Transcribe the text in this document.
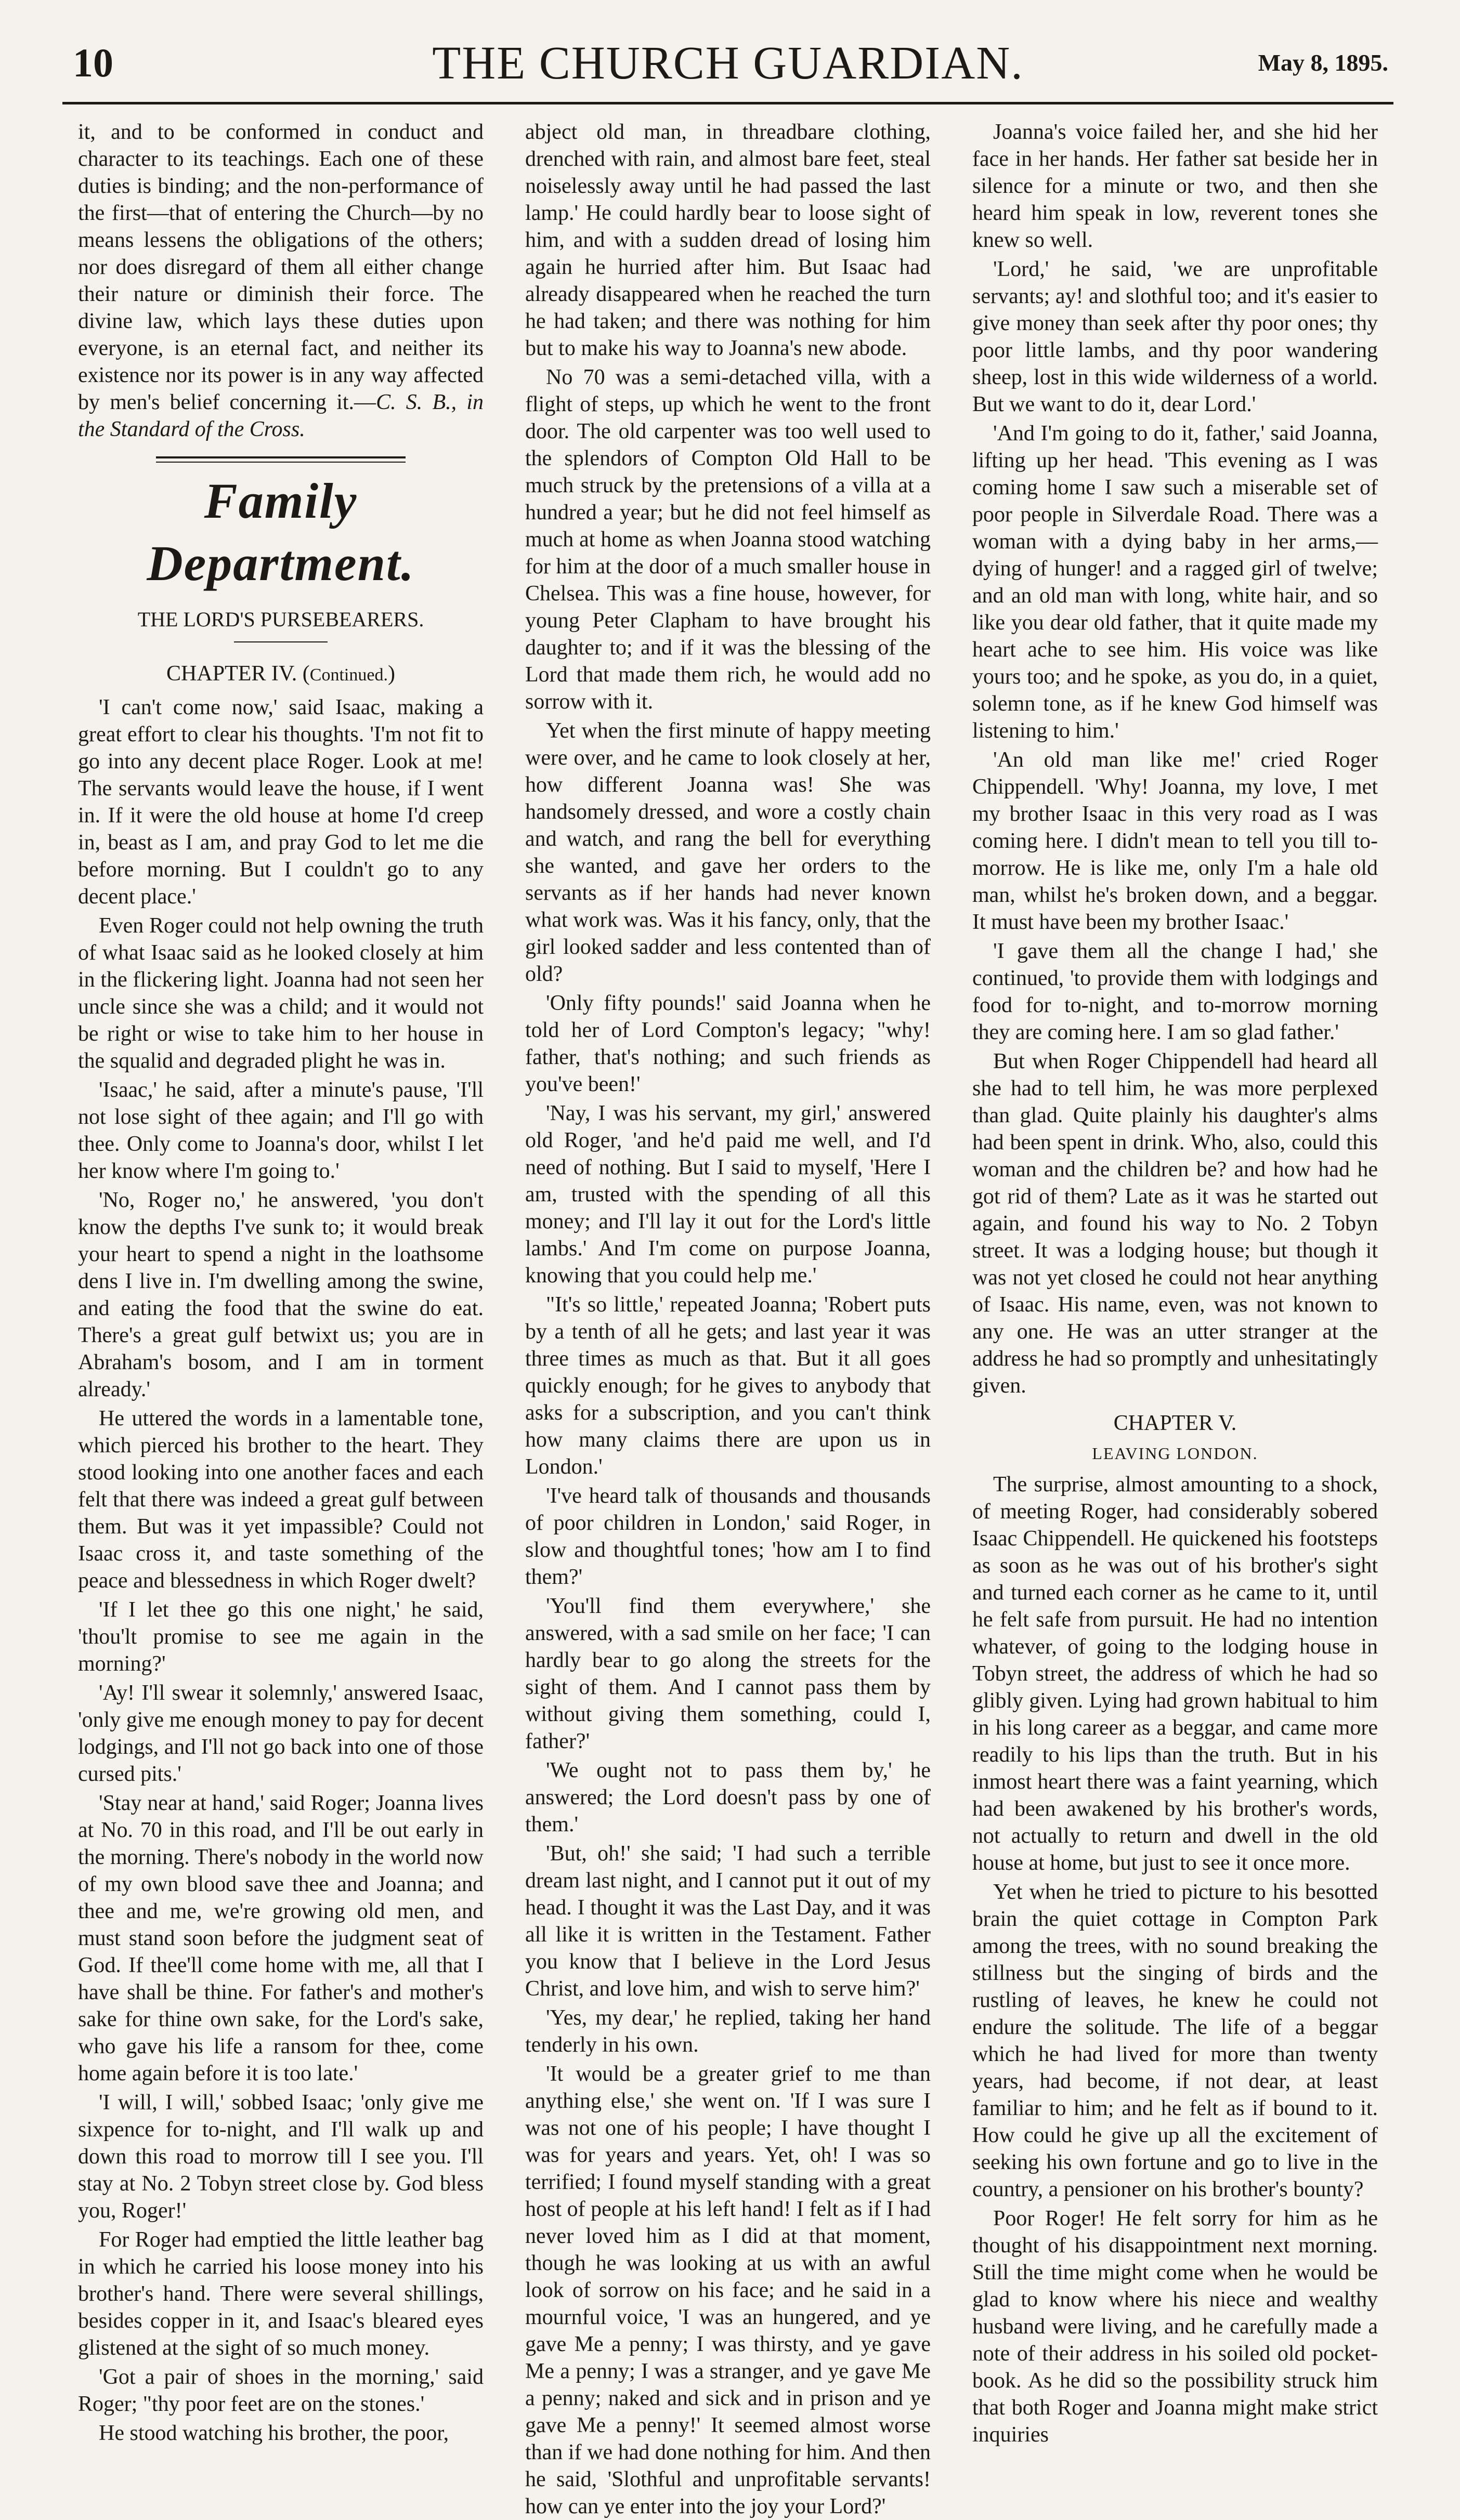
10	THE CHURCH GUARDIAN.	May 8, 1895.

it, and to be conformed in conduct and character to its teachings. Each one of these duties is binding; and the non-performance of the first—that of entering the Church—by no means lessens the obligations of the others; nor does disregard of them all either change their nature or diminish their force. The divine law, which lays these duties upon everyone, is an eternal fact, and neither its existence nor its power is in any way affected by men's belief concerning it.—C. S. B., in the Standard of the Cross.

Family Department.
THE LORD'S PURSEBEARERS.
CHAPTER IV. (Continued.)

'I can't come now,' said Isaac, making a great effort to clear his thoughts. 'I'm not fit to go into any decent place Roger. Look at me! The servants would leave the house, if I went in. If it were the old house at home I'd creep in, beast as I am, and pray God to let me die before morning. But I couldn't go to any decent place.'

Even Roger could not help owning the truth of what Isaac said as he looked closely at him in the flickering light. Joanna had not seen her uncle since she was a child; and it would not be right or wise to take him to her house in the squalid and degraded plight he was in.

'Isaac,' he said, after a minute's pause, 'I'll not lose sight of thee again; and I'll go with thee. Only come to Joanna's door, whilst I let her know where I'm going to.'

'No, Roger no,' he answered, 'you don't know the depths I've sunk to; it would break your heart to spend a night in the loathsome dens I live in. I'm dwelling among the swine, and eating the food that the swine do eat. There's a great gulf betwixt us; you are in Abraham's bosom, and I am in torment already.'

He uttered the words in a lamentable tone, which pierced his brother to the heart. They stood looking into one another faces and each felt that there was indeed a great gulf between them. But was it yet impassible? Could not Isaac cross it, and taste something of the peace and blessedness in which Roger dwelt?

'If I let thee go this one night,' he said, 'thou'lt promise to see me again in the morning?'

'Ay! I'll swear it solemnly,' answered Isaac, 'only give me enough money to pay for decent lodgings, and I'll not go back into one of those cursed pits.'

'Stay near at hand,' said Roger; Joanna lives at No. 70 in this road, and I'll be out early in the morning. There's nobody in the world now of my own blood save thee and Joanna; and thee and me, we're growing old men, and must stand soon before the judgment seat of God. If thee'll come home with me, all that I have shall be thine. For father's and mother's sake for thine own sake, for the Lord's sake, who gave his life a ransom for thee, come home again before it is too late.'

'I will, I will,' sobbed Isaac; 'only give me sixpence for to-night, and I'll walk up and down this road to morrow till I see you. I'll stay at No. 2 Tobyn street close by. God bless you, Roger!'

For Roger had emptied the little leather bag in which he carried his loose money into his brother's hand. There were several shillings, besides copper in it, and Isaac's bleared eyes glistened at the sight of so much money.

'Got a pair of shoes in the morning,' said Roger; "thy poor feet are on the stones.'

He stood watching his brother, the poor,

abject old man, in threadbare clothing, drenched with rain, and almost bare feet, steal noiselessly away until he had passed the last lamp.' He could hardly bear to loose sight of him, and with a sudden dread of losing him again he hurried after him. But Isaac had already disappeared when he reached the turn he had taken; and there was nothing for him but to make his way to Joanna's new abode.

No 70 was a semi-detached villa, with a flight of steps, up which he went to the front door. The old carpenter was too well used to the splendors of Compton Old Hall to be much struck by the pretensions of a villa at a hundred a year; but he did not feel himself as much at home as when Joanna stood watching for him at the door of a much smaller house in Chelsea. This was a fine house, however, for young Peter Clapham to have brought his daughter to; and if it was the blessing of the Lord that made them rich, he would add no sorrow with it.

Yet when the first minute of happy meeting were over, and he came to look closely at her, how different Joanna was! She was handsomely dressed, and wore a costly chain and watch, and rang the bell for everything she wanted, and gave her orders to the servants as if her hands had never known what work was. Was it his fancy, only, that the girl looked sadder and less contented than of old?

'Only fifty pounds!' said Joanna when he told her of Lord Compton's legacy; "why! father, that's nothing; and such friends as you've been!'

'Nay, I was his servant, my girl,' answered old Roger, 'and he'd paid me well, and I'd need of nothing. But I said to myself, 'Here I am, trusted with the spending of all this money; and I'll lay it out for the Lord's little lambs.' And I'm come on purpose Joanna, knowing that you could help me.'

"It's so little,' repeated Joanna; 'Robert puts by a tenth of all he gets; and last year it was three times as much as that. But it all goes quickly enough; for he gives to anybody that asks for a subscription, and you can't think how many claims there are upon us in London.'

'I've heard talk of thousands and thousands of poor children in London,' said Roger, in slow and thoughtful tones; 'how am I to find them?'

'You'll find them everywhere,' she answered, with a sad smile on her face; 'I can hardly bear to go along the streets for the sight of them. And I cannot pass them by without giving them something, could I, father?'

'We ought not to pass them by,' he answered; the Lord doesn't pass by one of them.'

'But, oh!' she said; 'I had such a terrible dream last night, and I cannot put it out of my head. I thought it was the Last Day, and it was all like it is written in the Testament. Father you know that I believe in the Lord Jesus Christ, and love him, and wish to serve him?'

'Yes, my dear,' he replied, taking her hand tenderly in his own.

'It would be a greater grief to me than anything else,' she went on. 'If I was sure I was not one of his people; I have thought I was for years and years. Yet, oh! I was so terrified; I found myself standing with a great host of people at his left hand! I felt as if I had never loved him as I did at that moment, though he was looking at us with an awful look of sorrow on his face; and he said in a mournful voice, 'I was an hungered, and ye gave Me a penny; I was thirsty, and ye gave Me a penny; I was a stranger, and ye gave Me a penny; naked and sick and in prison and ye gave Me a penny!' It seemed almost worse than if we had done nothing for him. And then he said, 'Slothful and unprofitable servants! how can ye enter into the joy your Lord?'

Joanna's voice failed her, and she hid her face in her hands. Her father sat beside her in silence for a minute or two, and then she heard him speak in low, reverent tones she knew so well.

'Lord,' he said, 'we are unprofitable servants; ay! and slothful too; and it's easier to give money than seek after thy poor ones; thy poor little lambs, and thy poor wandering sheep, lost in this wide wilderness of a world. But we want to do it, dear Lord.'

'And I'm going to do it, father,' said Joanna, lifting up her head. 'This evening as I was coming home I saw such a miserable set of poor people in Silverdale Road. There was a woman with a dying baby in her arms,—dying of hunger! and a ragged girl of twelve; and an old man with long, white hair, and so like you dear old father, that it quite made my heart ache to see him. His voice was like yours too; and he spoke, as you do, in a quiet, solemn tone, as if he knew God himself was listening to him.'

'An old man like me!' cried Roger Chippendell. 'Why! Joanna, my love, I met my brother Isaac in this very road as I was coming here. I didn't mean to tell you till to-morrow. He is like me, only I'm a hale old man, whilst he's broken down, and a beggar. It must have been my brother Isaac.'

'I gave them all the change I had,' she continued, 'to provide them with lodgings and food for to-night, and to-morrow morning they are coming here. I am so glad father.'

But when Roger Chippendell had heard all she had to tell him, he was more perplexed than glad. Quite plainly his daughter's alms had been spent in drink. Who, also, could this woman and the children be? and how had he got rid of them? Late as it was he started out again, and found his way to No. 2 Tobyn street. It was a lodging house; but though it was not yet closed he could not hear anything of Isaac. His name, even, was not known to any one. He was an utter stranger at the address he had so promptly and unhesitatingly given.

CHAPTER V.
LEAVING LONDON.

The surprise, almost amounting to a shock, of meeting Roger, had considerably sobered Isaac Chippendell. He quickened his footsteps as soon as he was out of his brother's sight and turned each corner as he came to it, until he felt safe from pursuit. He had no intention whatever, of going to the lodging house in Tobyn street, the address of which he had so glibly given. Lying had grown habitual to him in his long career as a beggar, and came more readily to his lips than the truth. But in his inmost heart there was a faint yearning, which had been awakened by his brother's words, not actually to return and dwell in the old house at home, but just to see it once more.

Yet when he tried to picture to his besotted brain the quiet cottage in Compton Park among the trees, with no sound breaking the stillness but the singing of birds and the rustling of leaves, he knew he could not endure the solitude. The life of a beggar which he had lived for more than twenty years, had become, if not dear, at least familiar to him; and he felt as if bound to it. How could he give up all the excitement of seeking his own fortune and go to live in the country, a pensioner on his brother's bounty?

Poor Roger! He felt sorry for him as he thought of his disappointment next morning. Still the time might come when he would be glad to know where his niece and wealthy husband were living, and he carefully made a note of their address in his soiled old pocket-book. As he did so the possibility struck him that both Roger and Joanna might make strict inquiries
